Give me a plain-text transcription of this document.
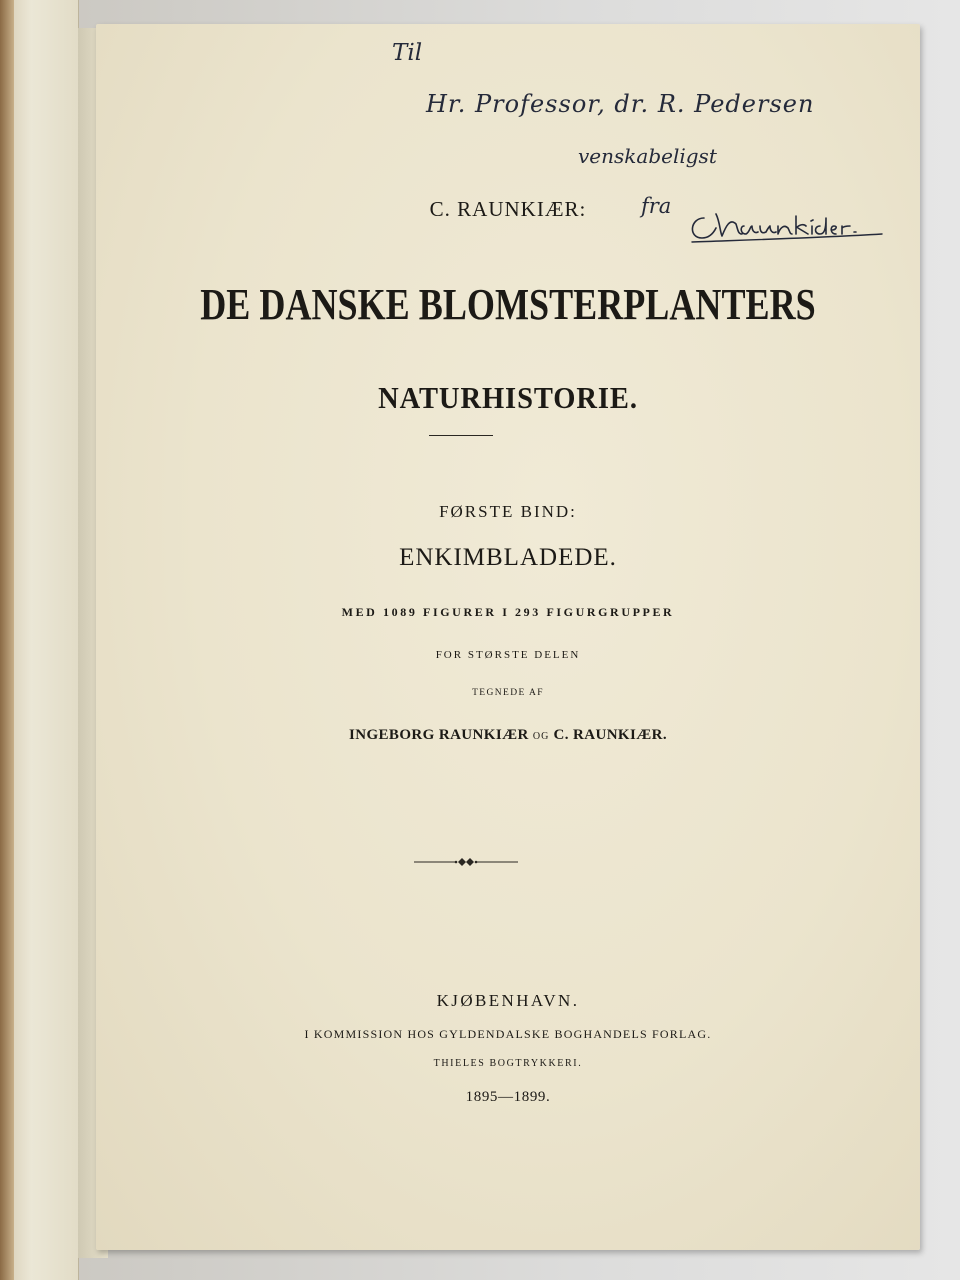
Til
Hr. Professor, dr. R. Pedersen
venskabeligst
fra
C. RAUNKIÆR:
DE DANSKE BLOMSTERPLANTERS
NATURHISTORIE.
FØRSTE BIND:
ENKIMBLADEDE.
MED 1089 FIGURER I 293 FIGURGRUPPER
FOR STØRSTE DELEN
TEGNEDE AF
INGEBORG RAUNKIÆR OG C. RAUNKIÆR.
KJØBENHAVN.
I KOMMISSION HOS GYLDENDALSKE BOGHANDELS FORLAG.
THIELES BOGTRYKKERI.
1895—1899.
